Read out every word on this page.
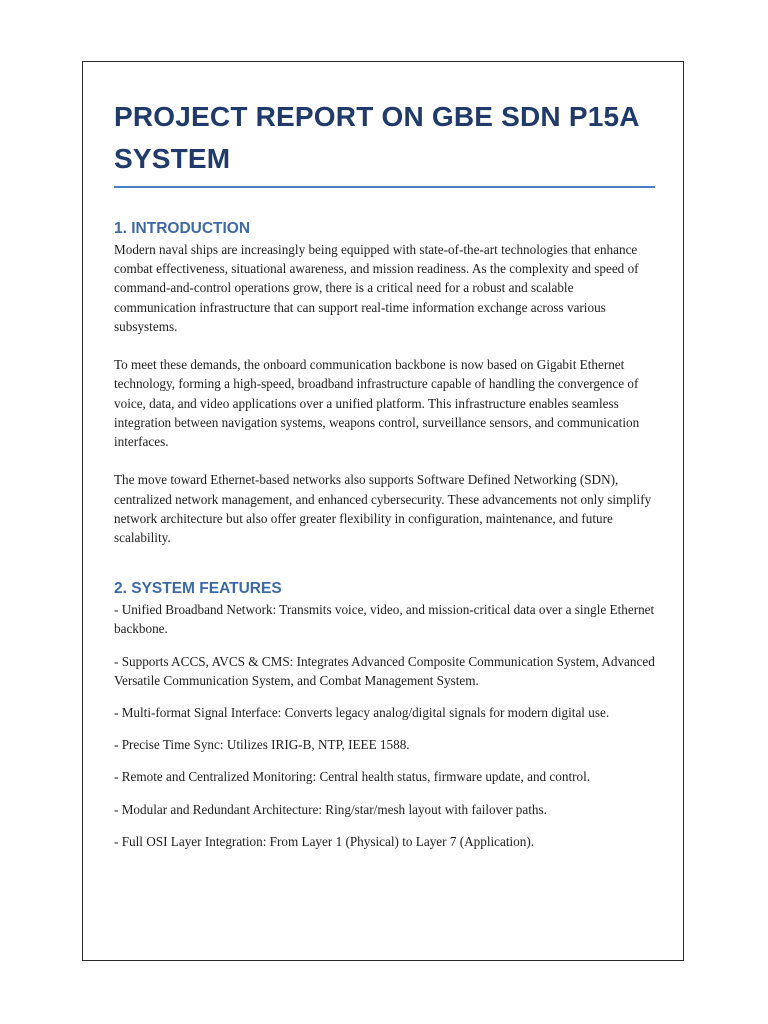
PROJECT REPORT ON GBE SDN P15A SYSTEM
1. INTRODUCTION

Modern naval ships are increasingly being equipped with state-of-the-art technologies that enhance combat effectiveness, situational awareness, and mission readiness. As the complexity and speed of command-and-control operations grow, there is a critical need for a robust and scalable communication infrastructure that can support real-time information exchange across various subsystems.

To meet these demands, the onboard communication backbone is now based on Gigabit Ethernet technology, forming a high-speed, broadband infrastructure capable of handling the convergence of voice, data, and video applications over a unified platform. This infrastructure enables seamless integration between navigation systems, weapons control, surveillance sensors, and communication interfaces.

The move toward Ethernet-based networks also supports Software Defined Networking (SDN), centralized network management, and enhanced cybersecurity. These advancements not only simplify network architecture but also offer greater flexibility in configuration, maintenance, and future scalability.

2. SYSTEM FEATURES

- Unified Broadband Network: Transmits voice, video, and mission-critical data over a single Ethernet backbone.

- Supports ACCS, AVCS & CMS: Integrates Advanced Composite Communication System, Advanced Versatile Communication System, and Combat Management System.

- Multi-format Signal Interface: Converts legacy analog/digital signals for modern digital use.

- Precise Time Sync: Utilizes IRIG-B, NTP, IEEE 1588.

- Remote and Centralized Monitoring: Central health status, firmware update, and control.

- Modular and Redundant Architecture: Ring/star/mesh layout with failover paths.

- Full OSI Layer Integration: From Layer 1 (Physical) to Layer 7 (Application).
